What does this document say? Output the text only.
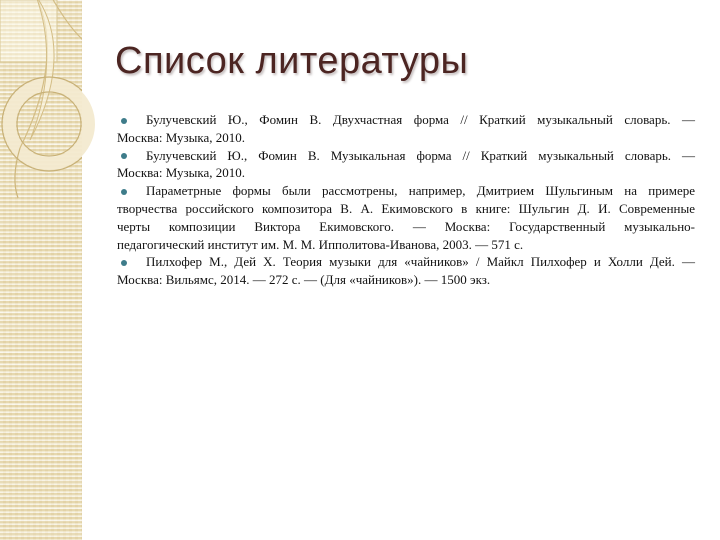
Список литературы
Булучевский Ю., Фомин В. Двухчастная форма // Краткий музыкальный словарь. —
Москва: Музыка, 2010.
Булучевский Ю., Фомин В. Музыкальная форма // Краткий музыкальный словарь. —
Москва: Музыка, 2010.
Параметрные формы были рассмотрены, например, Дмитрием Шульгиным на примере
творчества российского композитора В. А. Екимовского в книге: Шульгин Д. И. Современные
черты композиции Виктора Екимовского. — Москва: Государственный музыкально-
педагогический институт им. М. М. Ипполитова-Иванова, 2003. — 571 с.
Пилхофер М., Дей Х. Теория музыки для «чайников» / Майкл Пилхофер и Холли Дей. —
Москва: Вильямс, 2014. — 272 с. — (Для «чайников»). — 1500 экз.
